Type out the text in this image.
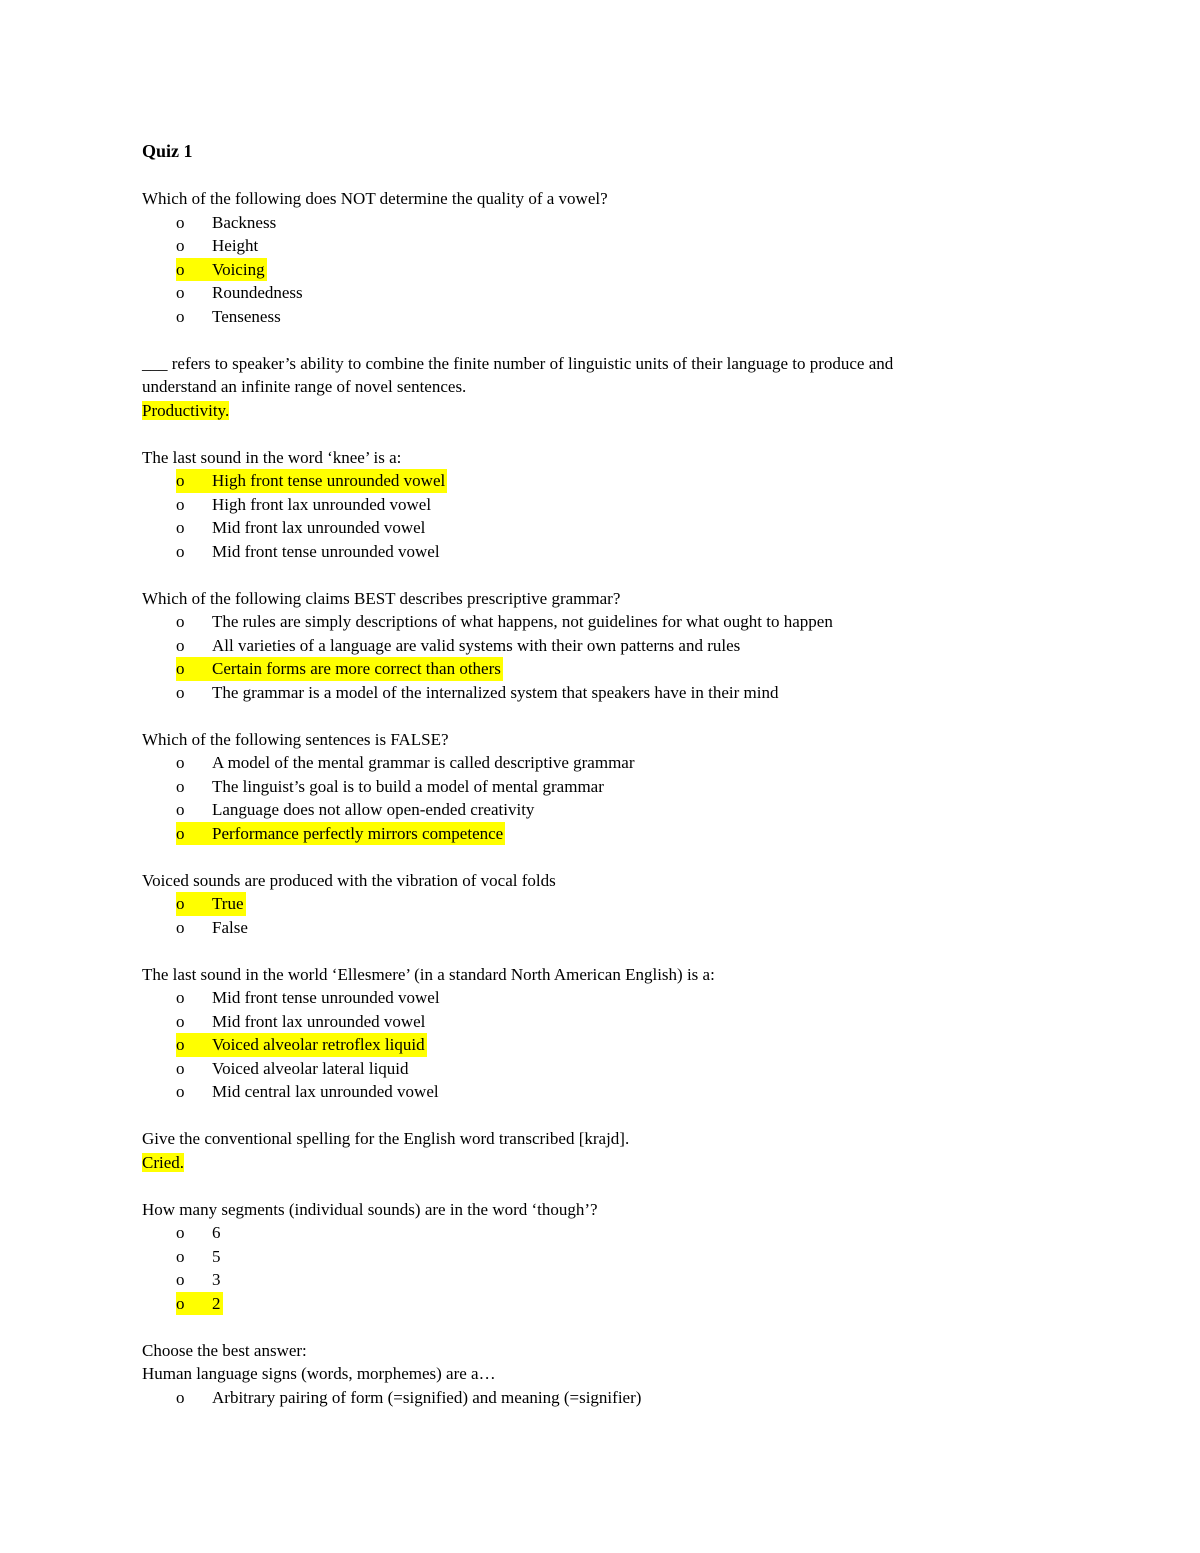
Quiz 1
Which of the following does NOT determine the quality of a vowel?
o Backness
o Height
o Voicing
o Roundedness
o Tenseness
___ refers to speaker’s ability to combine the finite number of linguistic units of their language to produce and
understand an infinite range of novel sentences.
Productivity.
The last sound in the word ‘knee’ is a:
o High front tense unrounded vowel
o High front lax unrounded vowel
o Mid front lax unrounded vowel
o Mid front tense unrounded vowel
Which of the following claims BEST describes prescriptive grammar?
o The rules are simply descriptions of what happens, not guidelines for what ought to happen
o All varieties of a language are valid systems with their own patterns and rules
o Certain forms are more correct than others
o The grammar is a model of the internalized system that speakers have in their mind
Which of the following sentences is FALSE?
o A model of the mental grammar is called descriptive grammar
o The linguist’s goal is to build a model of mental grammar
o Language does not allow open-ended creativity
o Performance perfectly mirrors competence
Voiced sounds are produced with the vibration of vocal folds
o True
o False
The last sound in the world ‘Ellesmere’ (in a standard North American English) is a:
o Mid front tense unrounded vowel
o Mid front lax unrounded vowel
o Voiced alveolar retroflex liquid
o Voiced alveolar lateral liquid
o Mid central lax unrounded vowel
Give the conventional spelling for the English word transcribed [krajd].
Cried.
How many segments (individual sounds) are in the word ‘though’?
o 6
o 5
o 3
o 2
Choose the best answer:
Human language signs (words, morphemes) are a…
o Arbitrary pairing of form (=signified) and meaning (=signifier)
